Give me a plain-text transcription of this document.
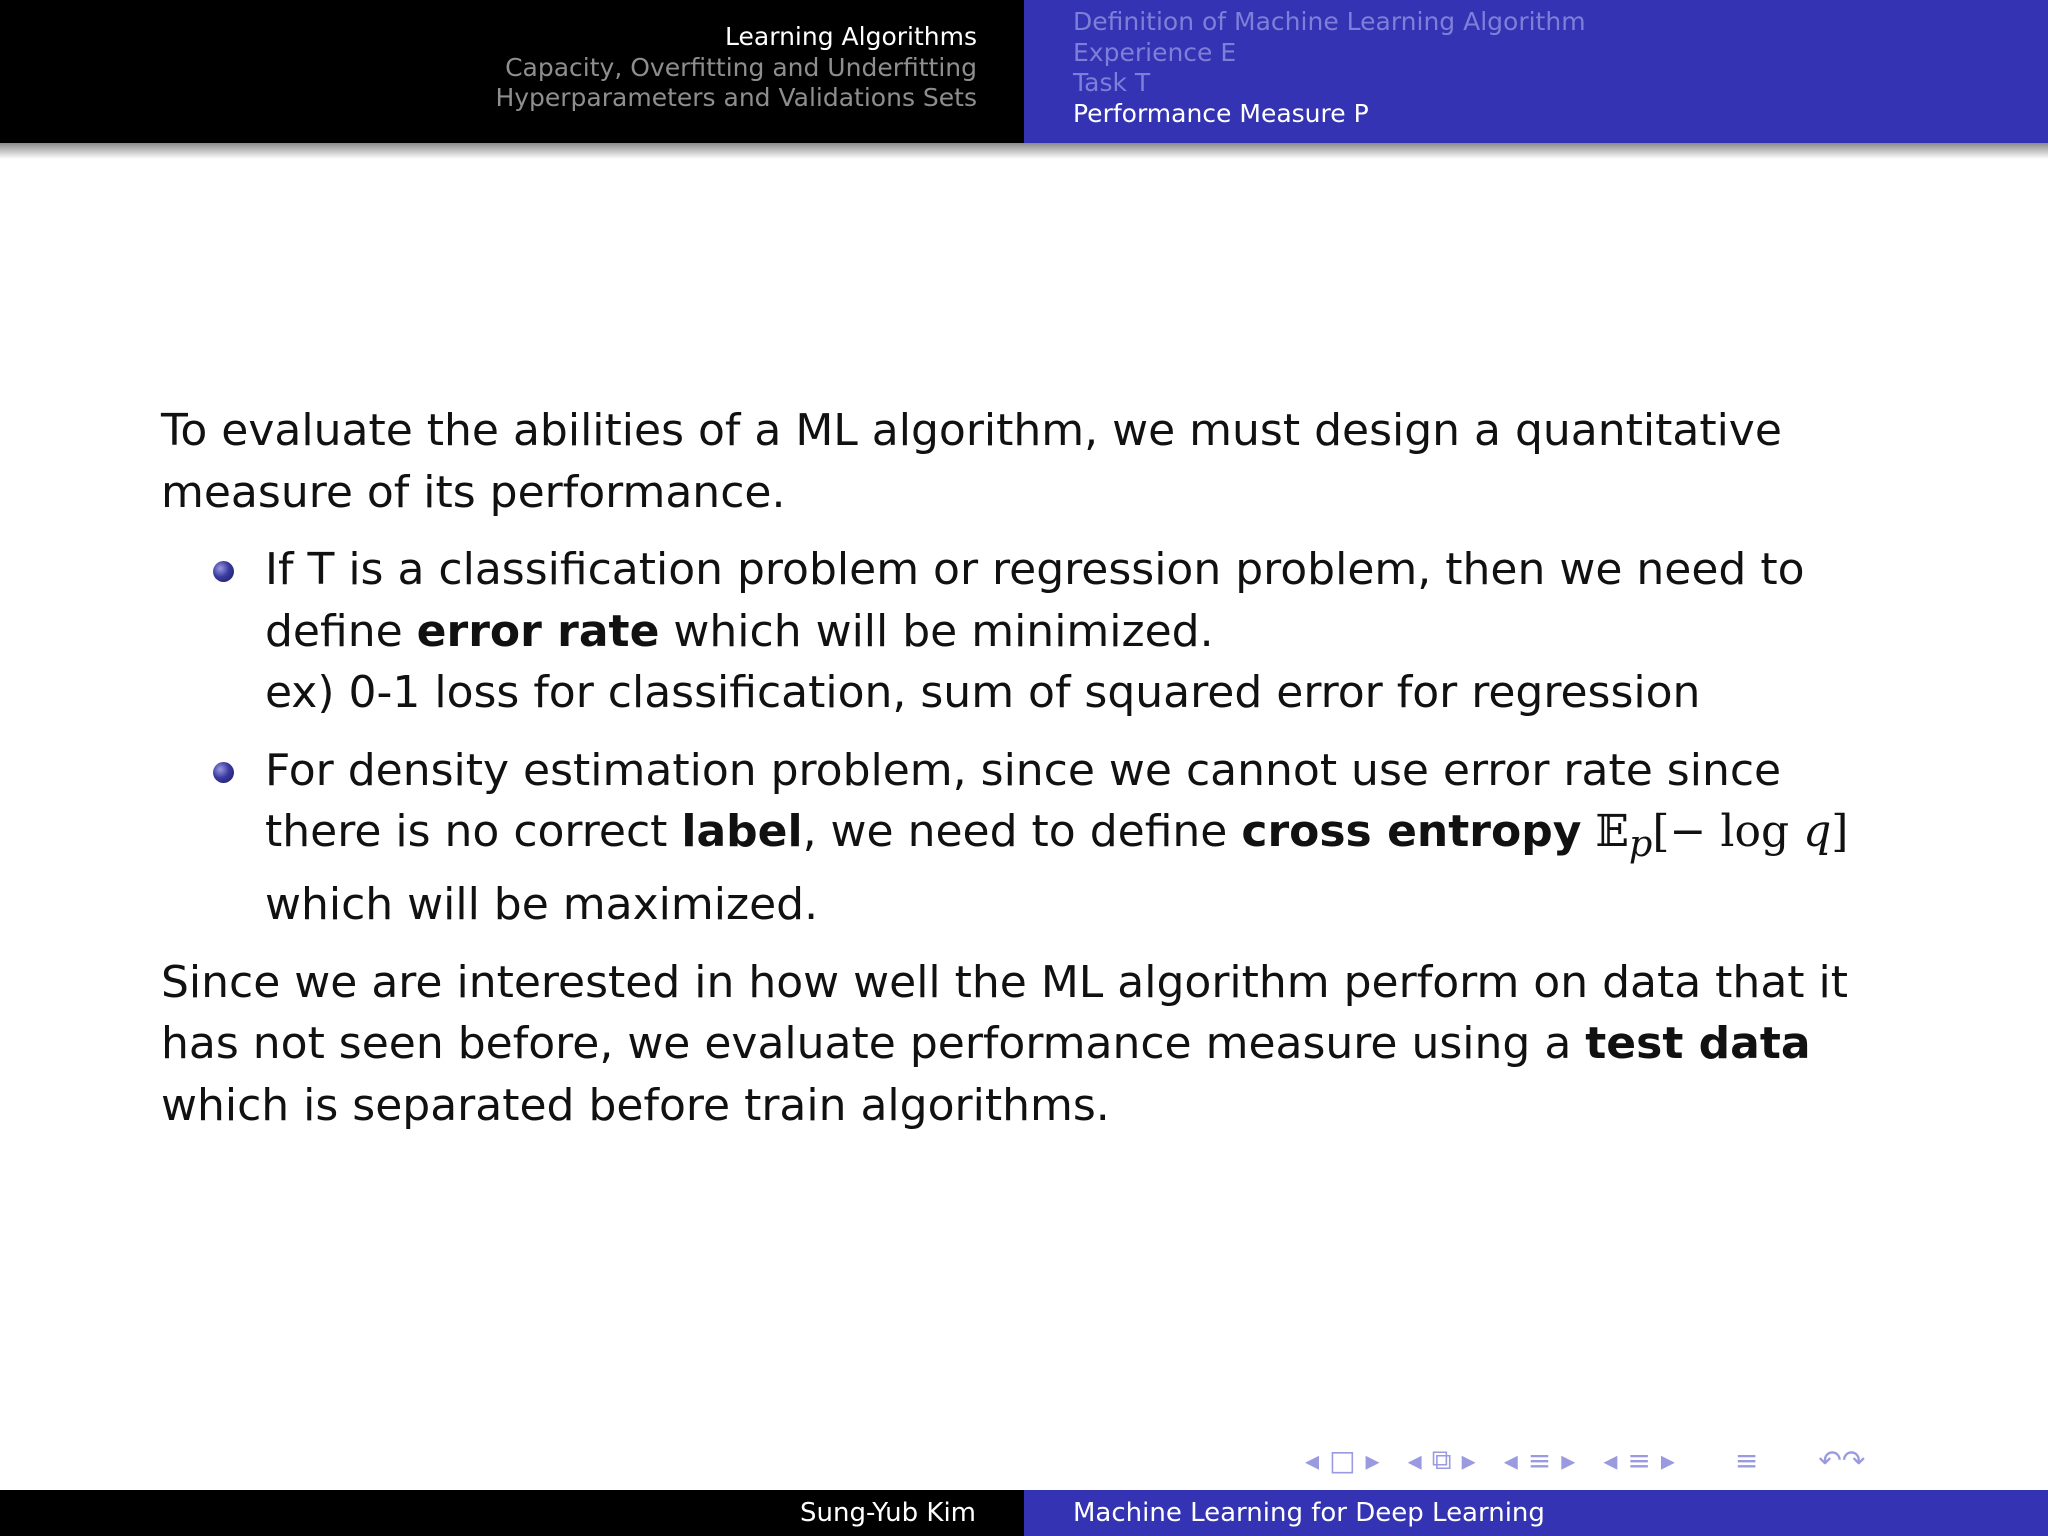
Learning Algorithms
Capacity, Overfitting and Underfitting
Hyperparameters and Validations Sets
Definition of Machine Learning Algorithm
Experience E
Task T
Performance Measure P

To evaluate the abilities of a ML algorithm, we must design a quantitative measure of its performance.

If T is a classification problem or regression problem, then we need to define error rate which will be minimized.

ex) 0-1 loss for classification, sum of squared error for regression

For density estimation problem, since we cannot use error rate since there is no correct label, we need to define cross entropy 𝔼$_p$[− log q] which will be maximized.

Since we are interested in how well the ML algorithm perform on data that it has not seen before, we evaluate performance measure using a test data which is separated before train algorithms.

◂ □ ▸ ◂ ⧉ ▸ ◂ ≡ ▸ ◂ ≡ ▸ ≡ ↶↷
Sung-Yub Kim	Machine Learning for Deep Learning
